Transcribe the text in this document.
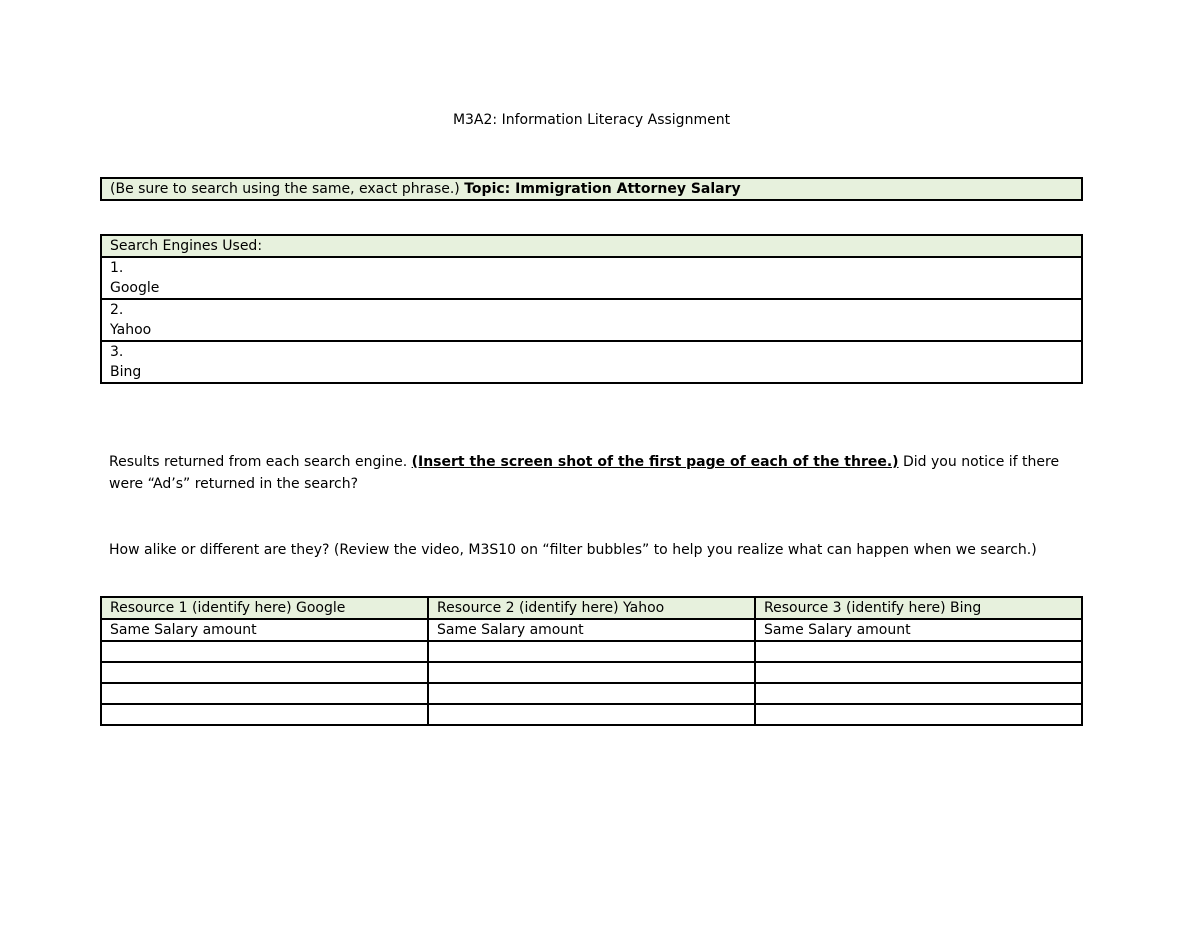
M3A2: Information Literacy Assignment
(Be sure to search using the same, exact phrase.) Topic: Immigration Attorney Salary
Search Engines Used:

1.
Google

2.
Yahoo

3.
Bing
Results returned from each search engine. (Insert the screen shot of the first page of each of the three.) Did you notice if there were “Ad’s” returned in the search?
How alike or different are they? (Review the video, M3S10 on “filter bubbles” to help you realize what can happen when we search.)
Resource 1 (identify here) Google	Resource 2 (identify here) Yahoo	Resource 3 (identify here) Bing
Same Salary amount	Same Salary amount	Same Salary amount
